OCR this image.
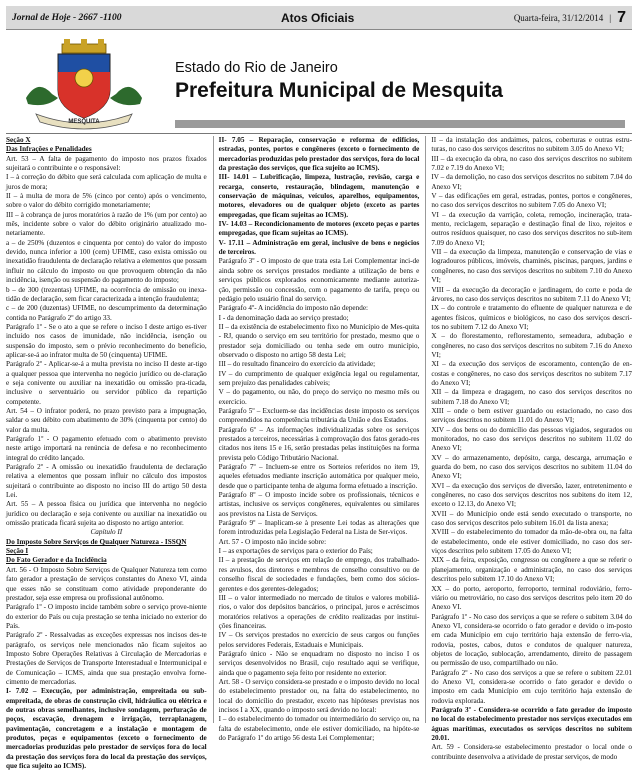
Jornal de Hoje - 2667 -1100	Atos Oficiais	Quarta-feira, 31/12/2014 | 7
MESQUITA
Estado do Rio de Janeiro
Prefeitura Municipal de Mesquita

Seção X

Das Infrações e Penalidades

Art. 53 – A falta de pagamento do imposto nos prazos fixados sujeitará o contribuinte e o responsável:

I – à correção do débito que será calculada com aplicação de multa e juros de mora;

II – à multa de mora de 5% (cinco por cento) após o vencimento, sobre o valor do débito corrigido monetariamente;

III – à cobrança de juros moratórios à razão de 1% (um por cento) ao mês, incidente sobre o valor do débito originário atualizado mo-netariamente.

a – de 250% (duzentos e cinquenta por cento) do valor do imposto devido, nunca inferior a 100 (cem) UFIME, caso exista omissão ou inexatidão fraudulenta de declaração relativa a elementos que possam influir no cálculo do imposto ou que provoquem obtenção da não incidência, isenção ou suspensão do pagamento do imposto;

b – de 300 (trezentas) UFIME, na ocorrência de omissão ou inexa-tidão de declaração, sem ficar caracterizada a intenção fraudulenta;

c – de 200 (duzentas) UFIME, no descumprimento da determinação contida no Parágrafo 2º do artigo 33.

Parágrafo 1º - Se o ato a que se refere o inciso I deste artigo es-tiver incluído nos casos de imunidade, não incidência, isenção ou suspensão do imposto, sem o prévio reconhecimento do benefício, aplicar-se-á ao infrator multa de 50 (cinquenta) UFIME.

Parágrafo 2º - Aplicar-se-á a multa prevista no inciso II deste ar-tigo a qualquer pessoa que intervenha no negócio jurídico ou de-claração e seja conivente ou auxiliar na inexatidão ou omissão pra-ticada, inclusive o serventuário ou servidor público da repartição competente.

Art. 54 – O infrator poderá, no prazo previsto para a impugnação, saldar o seu débito com abatimento de 30% (cinquenta por cento) do valor da multa.

Parágrafo 1º - O pagamento efetuado com o abatimento previsto neste artigo importará na renúncia de defesa e no reconhecimento integral do crédito lançado.

Parágrafo 2º - A omissão ou inexatidão fraudulenta de declaração relativa a elementos que possam influir no cálculo dos impostos sujeitará o contribuinte ao disposto no inciso III do artigo 50 desta Lei.

Art. 55 – A pessoa física ou jurídica que intervenha no negócio jurídico ou declaração e seja conivente ou auxiliar na inexatidão ou omissão praticada ficará sujeita ao disposto no artigo anterior.

Capítulo II

Do Imposto Sobre Serviços de Qualquer Natureza - ISSQN

Seção I

Do Fato Gerador e da Incidência

Art. 56 - O Imposto Sobre Serviços de Qualquer Natureza tem como fato gerador a prestação de serviços constantes do Anexo VI, ainda que esses não se constituam como atividade preponderante do prestador, seja esse empresa ou profissional autônomo.

Parágrafo 1º - O imposto incide também sobre o serviço prove-niente do exterior do País ou cuja prestação se tenha iniciado no exterior do País.

Parágrafo 2º - Ressalvadas as exceções expressas nos incisos des-te parágrafo, os serviços nele mencionados não ficam sujeitos ao Imposto Sobre Operações Relativas à Circulação de Mercadorias e Prestações de Serviços de Transporte Interestadual e Intermunicipal e de Comunicação – ICMS, ainda que sua prestação envolva forne-cimento de mercadorias.

I- 7.02 – Execução, por administração, empreitada ou sub-empreitada, de obras de construção civil, hidráulica ou elétrica e de outras obras semelhantes, inclusive sondagem, perfuração de poços, escavação, drenagem e irrigação, terraplanagem, pavimentação, concretagem e a instalação e montagem de produtos, peças e equipamentos (exceto o fornecimento de mercadorias produzidas pelo prestador de serviços fora do local da prestação dos serviços fora do local da prestação dos serviços, que fica sujeito ao ICMS).

II- 7.05 – Reparação, conservação e reforma de edifícios, estradas, pontes, portos e congêneres (exceto o fornecimento de mercadorias produzidas pelo prestador dos serviços, fora do local da prestação dos serviços, que fica sujeito ao ICMS).

III- 14.01 – Lubrificação, limpeza, lustração, revisão, carga e recarga, conserto, restauração, blindagem, manutenção e conservação de máquinas, veículos, aparelhos, equipamentos, motores, elevadores ou de qualquer objeto (exceto as partes empregadas, que ficam sujeitas ao ICMS).

IV- 14.03 – Recondicionamento de motores (exceto peças e partes empregadas, que ficam sujeitas ao ICMS).

V- 17.11 – Administração em geral, inclusive de bens e negócios de terceiros.

Parágrafo 3º - O imposto de que trata esta Lei Complementar inci-de ainda sobre os serviços prestados mediante a utilização de bens e serviços públicos explorados economicamente mediante autoriza-ção, permissão ou concessão, com o pagamento de tarifa, preço ou pedágio pelo usuário final do serviço.

Parágrafo 4º- A incidência do imposto não depende:

I - da denominação dada ao serviço prestado;

II – da existência de estabelecimento fixo no Município de Mes-quita - RJ, quando o serviço em seu território for prestado, mesmo que o prestador seja domiciliado ou tenha sede em outro município, observado o disposto no artigo 58 desta Lei;

III – do resultado financeiro do exercício da atividade;

IV – do cumprimento de qualquer exigência legal ou regulamentar, sem prejuízo das penalidades cabíveis;

V – do pagamento, ou não, do preço do serviço no mesmo mês ou exercício.

Parágrafo 5º – Excluem-se das incidências deste imposto os serviços compreendidos na competência tributária da União e dos Estados.

Parágrafo 6º – As informações individualizadas sobre os serviços prestados a terceiros, necessárias à comprovação dos fatos gerado-res citados nos itens 15 e 16, serão prestadas pelas instituições na forma prevista pelo Código Tributário Nacional.

Parágrafo 7º – Incluem-se entre os Sorteios referidos no item 19, aqueles efetuados mediante inscrição automática por qualquer meio, desde que o participante tenha de alguma forma efetuado a inscrição.

Parágrafo 8º – O imposto incide sobre os profissionais, técnicos e artistas, inclusive os serviços congêneres, equivalentes ou similares aos previstos na Lista de Serviços.

Parágrafo 9º – Inaplicam-se à presente Lei todas as alterações que forem introduzidas pela Legislação Federal na Lista de Ser-viços.

Art. 57 - O imposto não incide sobre:

I – as exportações de serviços para o exterior do País;

II – a prestação de serviços em relação de emprego, dos trabalhado-res avulsos, dos diretores e membros de conselho consultivo ou de conselho fiscal de sociedades e fundações, bem como dos sócios-gerentes e dos gerentes-delegados;

III – o valor intermediado no mercado de títulos e valores mobiliá-rios, o valor dos depósitos bancários, o principal, juros e acréscimos moratórios relativos a operações de crédito realizadas por institui-ções financeiras.

IV – Os serviços prestados no exercício de seus cargos ou funções pelos servidores Federais, Estaduais e Municipais.

Parágrafo único - Não se enquadram no disposto no inciso I os serviços desenvolvidos no Brasil, cujo resultado aqui se verifique, ainda que o pagamento seja feito por residente no exterior.

Art. 58 - O serviço considera-se prestado e o imposto devido no local do estabelecimento prestador ou, na falta do estabelecimento, no local do domicílio do prestador, exceto nas hipóteses previstas nos incisos I a XX, quando o imposto será devido no local:

I – do estabelecimento do tomador ou intermediário do serviço ou, na falta de estabelecimento, onde ele estiver domiciliado, na hipóte-se do Parágrafo 1º do artigo 56 desta Lei Complementar;

II – da instalação dos andaimes, palcos, coberturas e outras estru-turas, no caso dos serviços descritos no subitem 3.05 do Anexo VI;

III – da execução da obra, no caso dos serviços descritos no subitem 7.02 e 7.19 do Anexo VI;

IV – da demolição, no caso dos serviços descritos no subitem 7.04 do Anexo VI;

V – das edificações em geral, estradas, pontes, portos e congêneres, no caso dos serviços descritos no subitem 7.05 do Anexo VI;

VI – da execução da varrição, coleta, remoção, incineração, trata-mento, reciclagem, separação e destinação final de lixo, rejeitos e outros resíduos quaisquer, no caso dos serviços descritos no sub-item 7.09 do Anexo VI;

VII – da execução da limpeza, manutenção e conservação de vias e logradouros públicos, imóveis, chaminés, piscinas, parques, jardins e congêneres, no caso dos serviços descritos no subitem 7.10 do Anexo VI;

VIII – da execução da decoração e jardinagem, do corte e poda de árvores, no caso dos serviços descritos no subitem 7.11 do Anexo VI;

IX – do controle e tratamento do efluente de qualquer natureza e de agentes físicos, químicos e biológicos, no caso dos serviços descri-tos no subitem 7.12 do Anexo VI;

X – do florestamento, reflorestamento, semeadura, adubação e congêneres, no caso dos serviços descritos no subitem 7.16 do Anexo VI;

XI – da execução dos serviços de escoramento, contenção de en-costas e congêneres, no caso dos serviços descritos no subitem 7.17 do Anexo VI;

XII – da limpeza e dragagem, no caso dos serviços descritos no subitem 7.18 do Anexo VI;

XIII – onde o bem estiver guardado ou estacionado, no caso dos serviços descritos no subitem 11.01 do Anexo VI;

XIV – dos bens ou do domicílio das pessoas vigiados, segurados ou monitorados, no caso dos serviços descritos no subitem 11.02 do Anexo VI;

XV – do armazenamento, depósito, carga, descarga, arrumação e guarda do bem, no caso dos serviços descritos no subitem 11.04 do Anexo VI;

XVI – da execução dos serviços de diversão, lazer, entretenimento e congêneres, no caso dos serviços descritos nos subitens do item 12, exceto o 12.13, do Anexo VI;

XVII – do Município onde está sendo executado o transporte, no caso dos serviços descritos pelo subitem 16.01 da lista anexa;

XVIII – do estabelecimento do tomador da mão-de-obra ou, na falta de estabelecimento, onde ele estiver domiciliado, no caso dos ser-viços descritos pelo subitem 17.05 do Anexo VI;

XIX – da feira, exposição, congresso ou congênere a que se referir o planejamento, organização e administração, no caso dos serviços descritos pelo subitem 17.10 do Anexo VI;

XX – do porto, aeroporto, ferroporto, terminal rodoviário, ferro-viário ou metroviário, no caso dos serviços descritos pelo item 20 do Anexo VI.

Parágrafo 1º - No caso dos serviços a que se refere o subitem 3.04 do Anexo VI, considera-se ocorrido o fato gerador e devido o im-posto em cada Município em cujo território haja extensão de ferro-via, rodovia, postes, cabos, dutos e condutos de qualquer natureza, objetos de locação, sublocação, arrendamento, direito de passagem ou permissão de uso, compartilhado ou não.

Parágrafo 2º - No caso dos serviços a que se refere o subitem 22.01 do Anexo VI, considera-se ocorrido o fato gerador e devido o imposto em cada Município em cujo território haja extensão de rodovia explorada.

Parágrafo 3º - Considera-se ocorrido o fato gerador do imposto no local do estabelecimento prestador nos serviços executados em águas marítimas, executados os serviços descritos no subitem 20.01.

Art. 59 - Considera-se estabelecimento prestador o local onde o contribuinte desenvolva a atividade de prestar serviços, de modo
